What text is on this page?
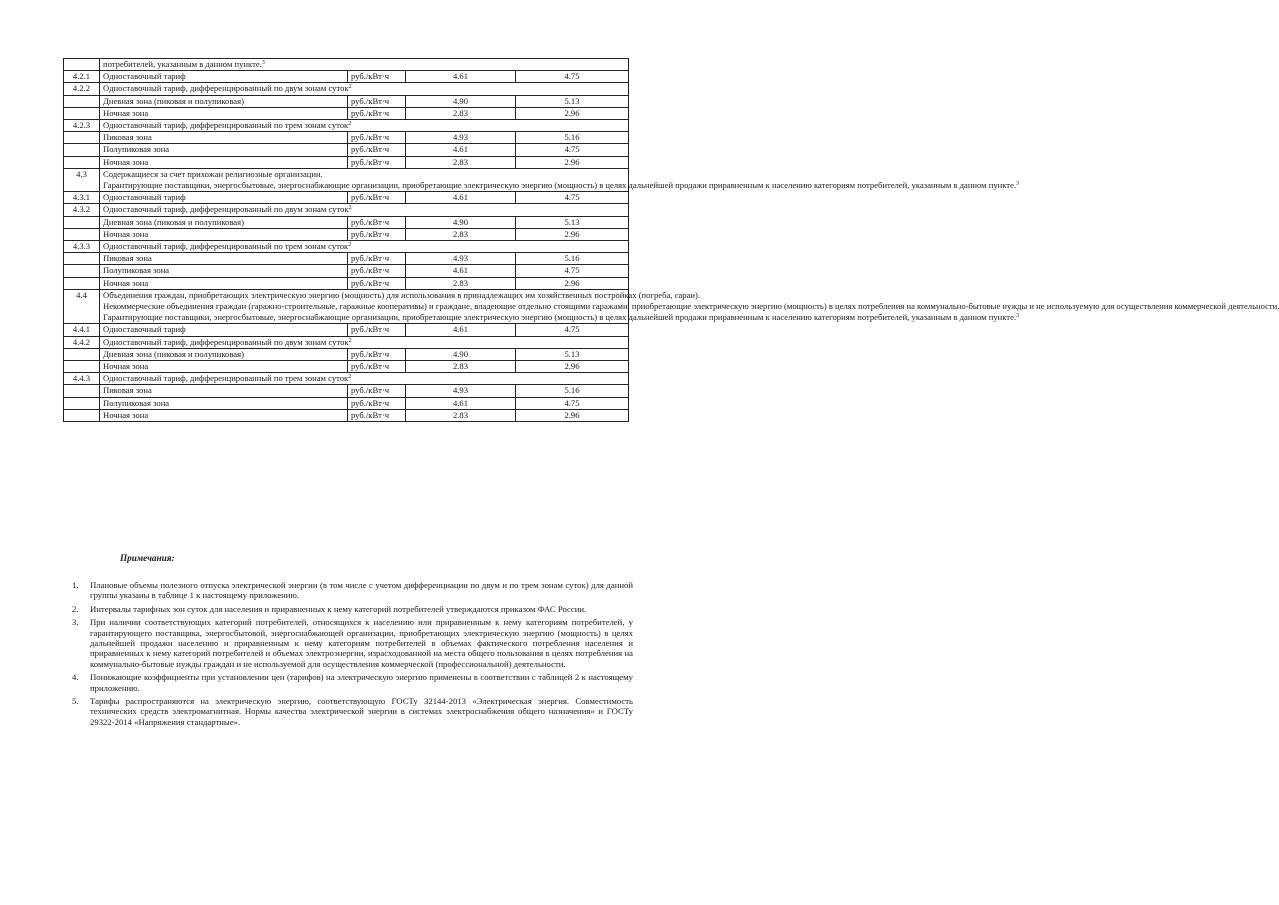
	потребителей, указанным в данном пункте.$^3$
4.2.1	Одноставочный тариф	руб./кВт·ч	4.61	4.75
4.2.2	Одноставочный тариф, дифференцированный по двум зонам суток$^2$
	Дневная зона (пиковая и полупиковая)	руб./кВт·ч	4.90	5.13
	Ночная зона	руб./кВт·ч	2.83	2.96
4.2.3	Одноставочный тариф, дифференцированный по трем зонам суток$^2$
	Пиковая зона	руб./кВт·ч	4.93	5.16
	Полупиковая зона	руб./кВт·ч	4.61	4.75
	Ночная зона	руб./кВт·ч	2.83	2.96
4.3	Содержащиеся за счет прихожан религиозные организации.

Гарантирующие поставщики, энергосбытовые, энергоснабжающие организации, приобретающие электрическую энергию (мощность) в целях дальнейшей продажи приравненным к населению категориям потребителей, указанным в данном пункте.$^3$

4.3.1	Одноставочный тариф	руб./кВт·ч	4.61	4.75
4.3.2	Одноставочный тариф, дифференцированный по двум зонам суток$^2$
	Дневная зона (пиковая и полупиковая)	руб./кВт·ч	4.90	5.13
	Ночная зона	руб./кВт·ч	2.83	2.96
4.3.3	Одноставочный тариф, дифференцированный по трем зонам суток$^2$
	Пиковая зона	руб./кВт·ч	4.93	5.16
	Полупиковая зона	руб./кВт·ч	4.61	4.75
	Ночная зона	руб./кВт·ч	2.83	2.96
4.4	Объединения граждан, приобретающих электрическую энергию (мощность) для использования в принадлежащих им хозяйственных постройках (погреба, сараи).

Некоммерческие объединения граждан (гаражно-строительные, гаражные кооперативы) и граждане, владеющие отдельно стоящими гаражами, приобретающие электрическую энергию (мощность) в целях потребления на коммунально-бытовые нужды и не используемую для осуществления коммерческой деятельности.

Гарантирующие поставщики, энергосбытовые, энергоснабжающие организации, приобретающие электрическую энергию (мощность) в целях дальнейшей продажи приравненным к населению категориям потребителей, указанным в данном пункте.$^3$

4.4.1	Одноставочный тариф	руб./кВт·ч	4.61	4.75
4.4.2	Одноставочный тариф, дифференцированный по двум зонам суток$^2$
	Дневная зона (пиковая и полупиковая)	руб./кВт·ч	4.90	5.13
	Ночная зона	руб./кВт·ч	2.83	2.96
4.4.3	Одноставочный тариф, дифференцированный по трем зонам суток$^2$
	Пиковая зона	руб./кВт·ч	4.93	5.16
	Полупиковая зона	руб./кВт·ч	4.61	4.75
	Ночная зона	руб./кВт·ч	2.83	2.96
Примечания:
1. Плановые объемы полезного отпуска электрической энергии (в том числе с учетом дифференциации по двум и по трем зонам суток) для данной группы указаны в таблице 1 к настоящему приложению.
2. Интервалы тарифных зон суток для населения и приравненных к нему категорий потребителей утверждаются приказом ФАС России.
3. При наличии соответствующих категорий потребителей, относящихся к населению или приравненным к нему категориям потребителей, у гарантирующего поставщика, энергосбытовой, энергоснабжающей организации, приобретающих электрическую энергию (мощность) в целях дальнейшей продажи населению и приравненным к нему категориям потребителей в объемах фактического потребления населения и приравненных к нему категорий потребителей и объемах электроэнергии, израсходованной на места общего пользования в целях потребления на коммунально-бытовые нужды граждан и не используемой для осуществления коммерческой (профессиональной) деятельности.
4. Понижающие коэффициенты при установлении цен (тарифов) на электрическую энергию применены в соответствии с таблицей 2 к настоящему приложению.
5. Тарифы распространяются на электрическую энергию, соответствующую ГОСТу 32144-2013 «Электрическая энергия. Совместимость технических средств электромагнитная. Нормы качества электрической энергии в системах электроснабжения общего назначения» и ГОСТу 29322-2014 «Напряжения стандартные».
